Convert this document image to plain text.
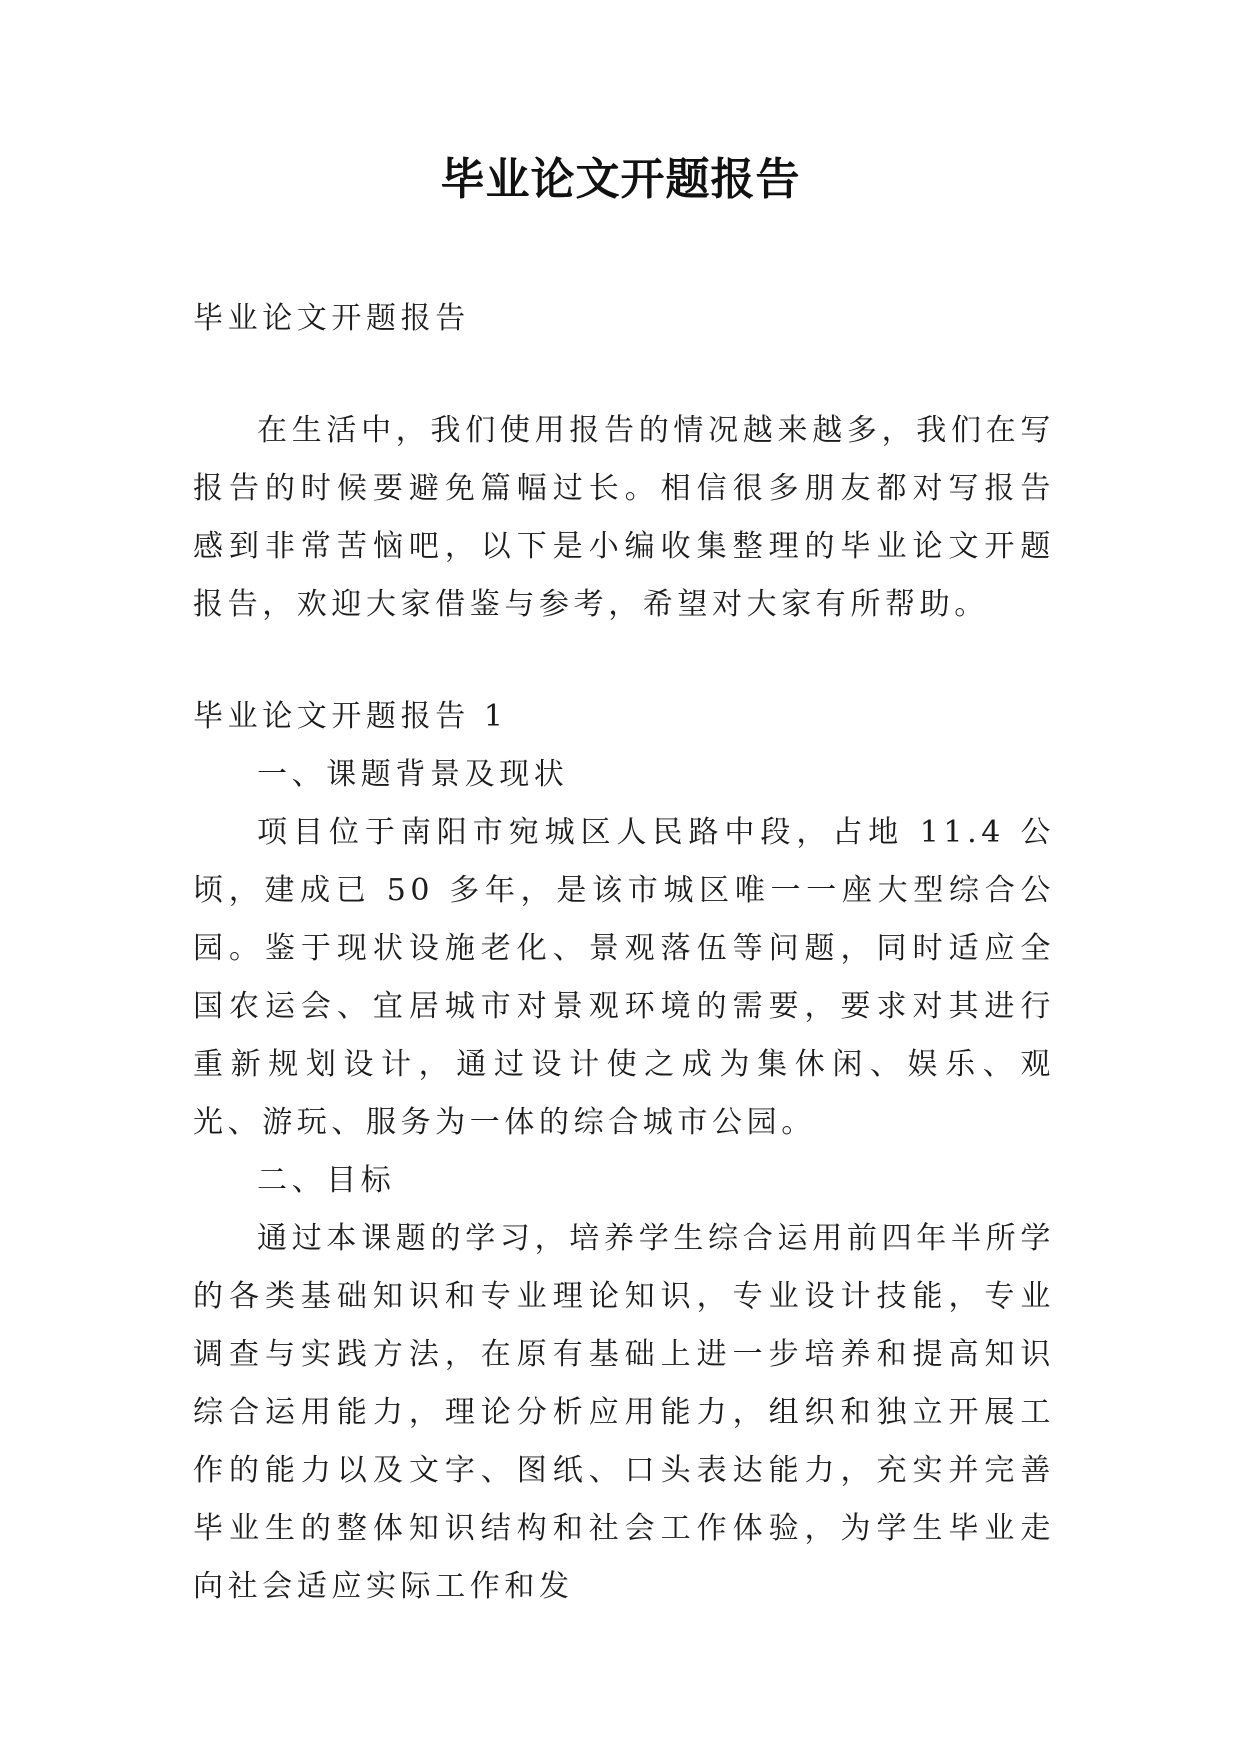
毕业论文开题报告

毕业论文开题报告

在生活中，我们使用报告的情况越来越多，我们在写报告的时候要避免篇幅过长。相信很多朋友都对写报告感到非常苦恼吧，以下是小编收集整理的毕业论文开题报告，欢迎大家借鉴与参考，希望对大家有所帮助。

毕业论文开题报告 1

一、课题背景及现状

项目位于南阳市宛城区人民路中段，占地 11.4 公顷，建成已 50 多年，是该市城区唯一一座大型综合公园。鉴于现状设施老化、景观落伍等问题，同时适应全国农运会、宜居城市对景观环境的需要，要求对其进行重新规划设计，通过设计使之成为集休闲、娱乐、观光、游玩、服务为一体的综合城市公园。

二、目标

通过本课题的学习，培养学生综合运用前四年半所学的各类基础知识和专业理论知识，专业设计技能，专业调查与实践方法，在原有基础上进一步培养和提高知识综合运用能力，理论分析应用能力，组织和独立开展工作的能力以及文字、图纸、口头表达能力，充实并完善毕业生的整体知识结构和社会工作体验，为学生毕业走向社会适应实际工作和发
